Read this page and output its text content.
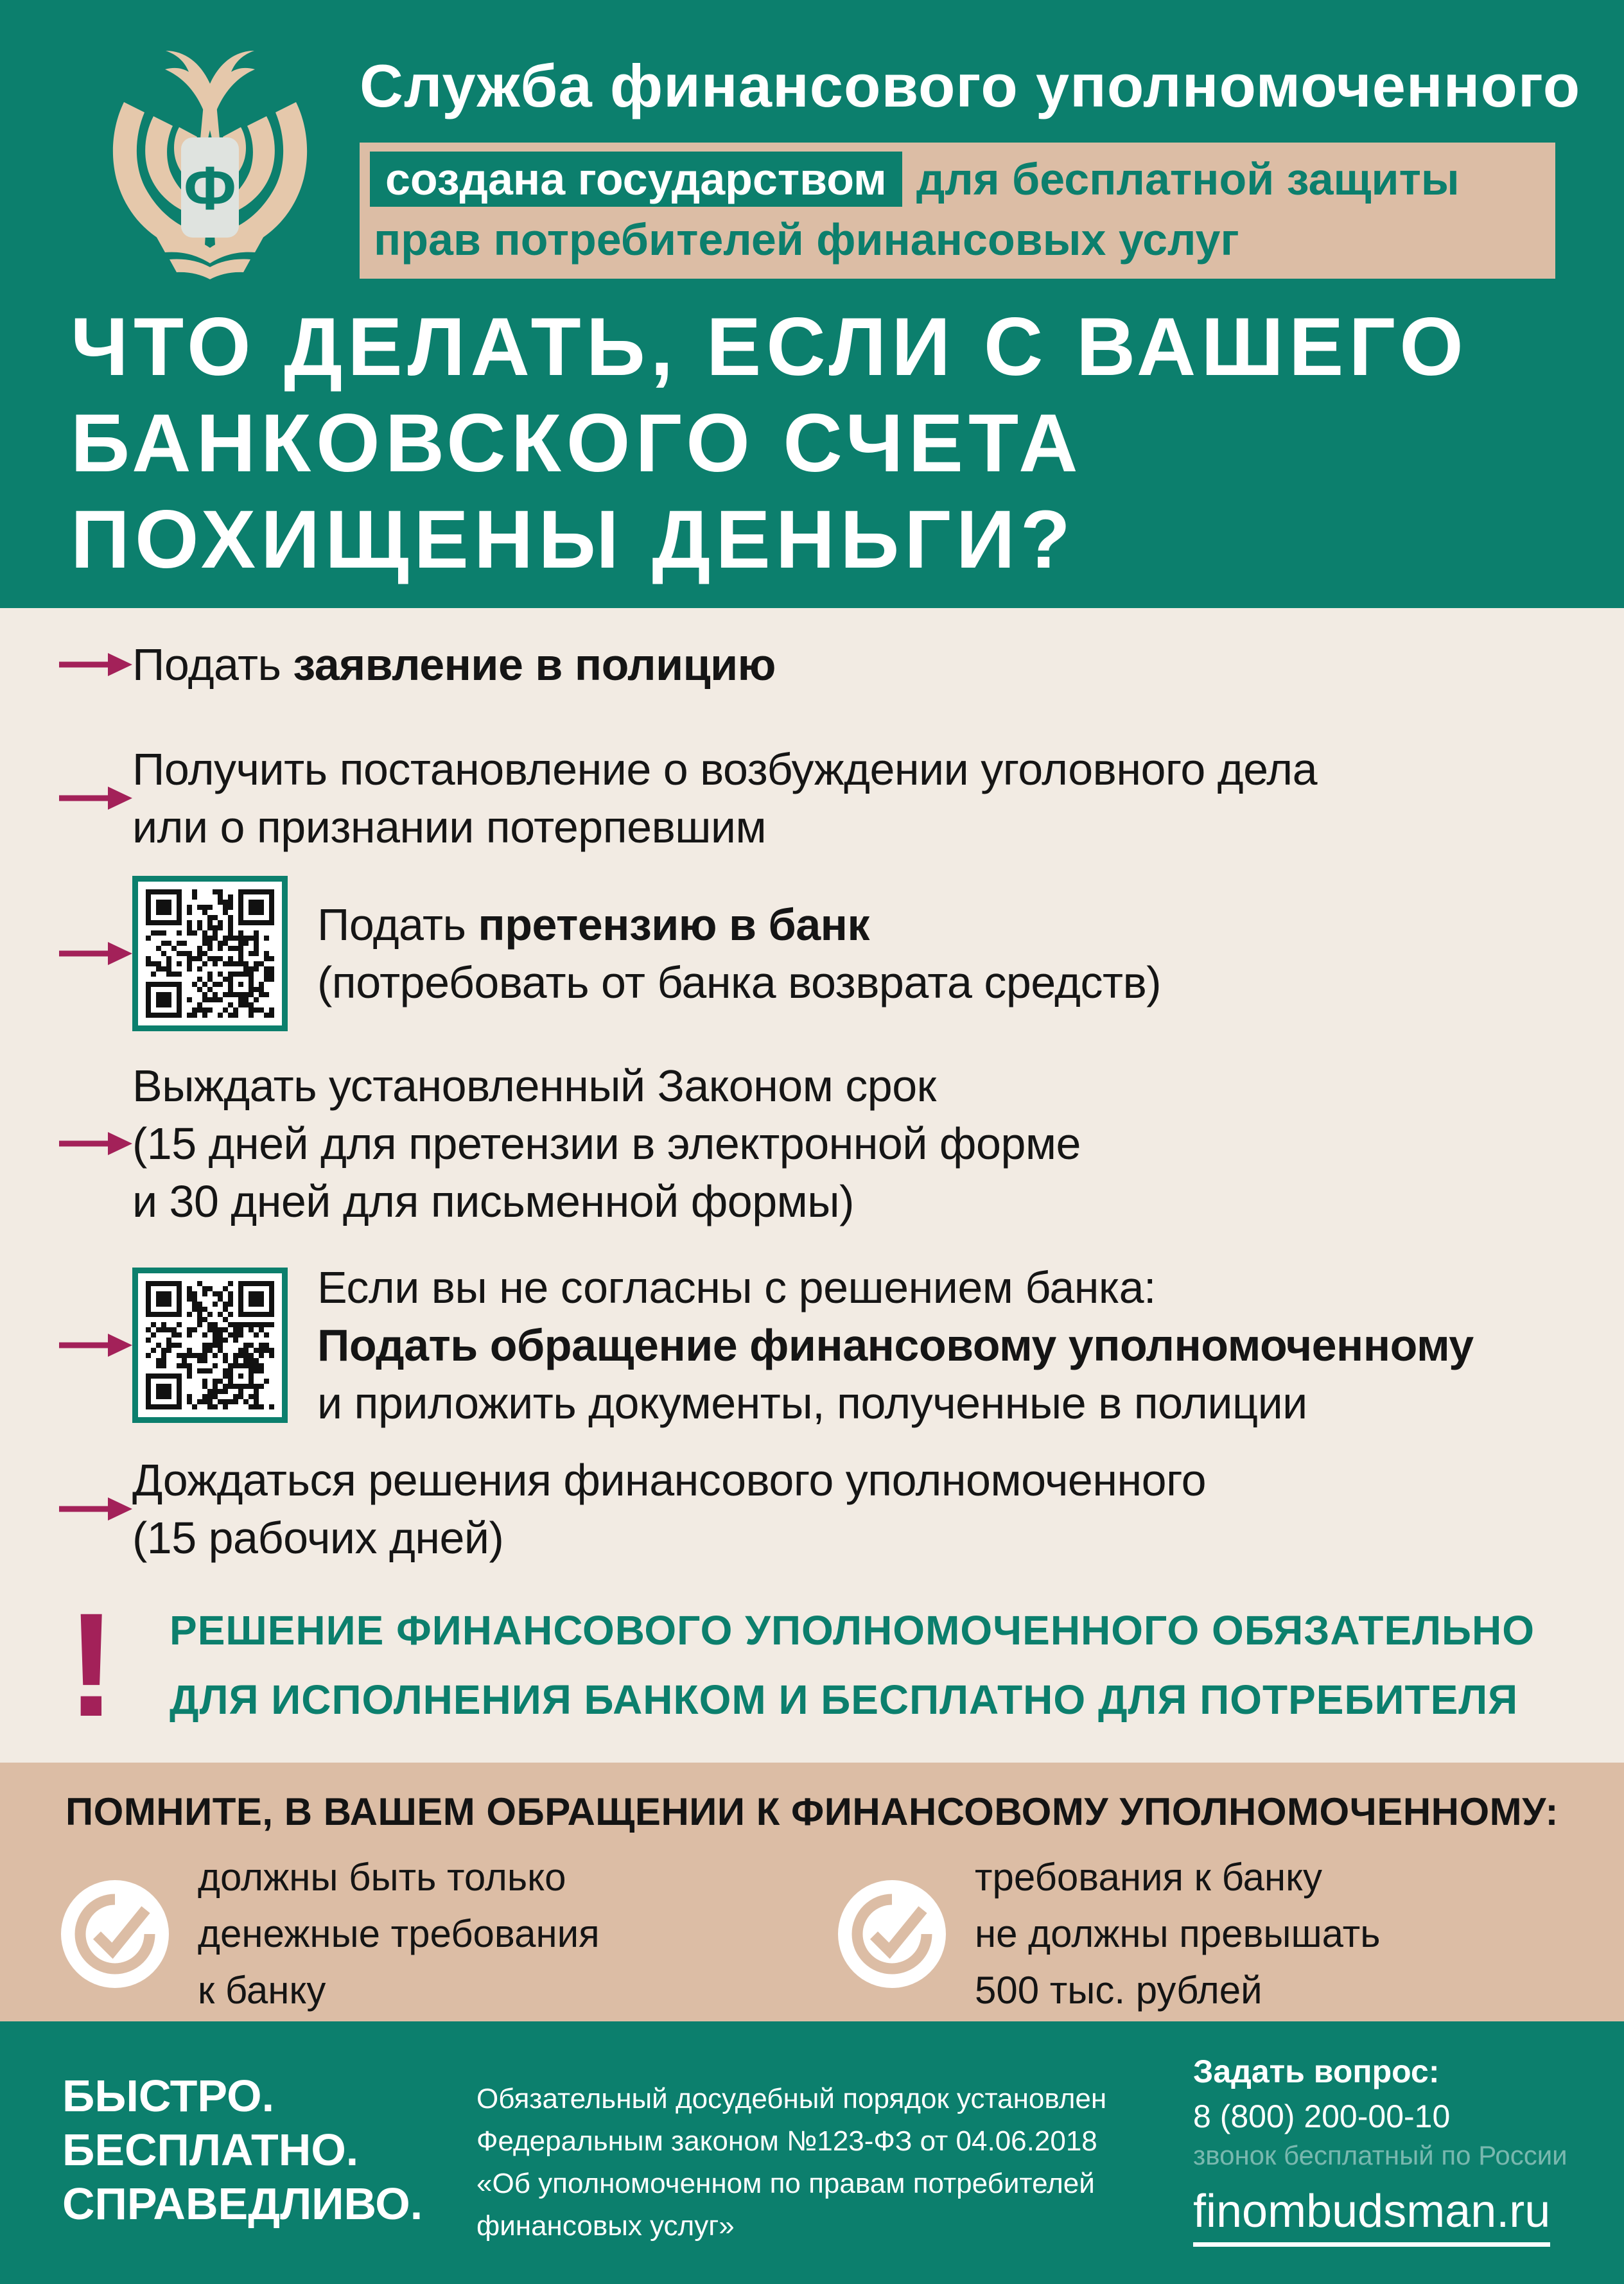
Ф
Служба финансового уполномоченного
создана государством для бесплатной защиты
прав потребителей финансовых услуг
ЧТО ДЕЛАТЬ, ЕСЛИ С ВАШЕГО
БАНКОВСКОГО СЧЕТА
ПОХИЩЕНЫ ДЕНЬГИ?
Подать заявление в полицию
Получить постановление о возбуждении уголовного дела
или о признании потерпевшим
Подать претензию в банк
(потребовать от банка возврата средств)
Выждать установленный Законом срок
(15 дней для претензии в электронной форме
и 30 дней для письменной формы)
Если вы не согласны с решением банка:
Подать обращение финансовому уполномоченному
и приложить документы, полученные в полиции
Дождаться решения финансового уполномоченного
(15 рабочих дней)
!	РЕШЕНИЕ ФИНАНСОВОГО УПОЛНОМОЧЕННОГО ОБЯЗАТЕЛЬНО
ДЛЯ ИСПОЛНЕНИЯ БАНКОМ И БЕСПЛАТНО ДЛЯ ПОТРЕБИТЕЛЯ
ПОМНИТЕ, В ВАШЕМ ОБРАЩЕНИИ К ФИНАНСОВОМУ УПОЛНОМОЧЕННОМУ:
должны быть только
денежные требования
к банку
требования к банку
не должны превышать
500 тыс. рублей
БЫСТРО.
БЕСПЛАТНО.
СПРАВЕДЛИВО.
Обязательный досудебный порядок установлен
Федеральным законом №123-ФЗ от 04.06.2018
«Об уполномоченном по правам потребителей
финансовых услуг»
Задать вопрос:
8 (800) 200-00-10
звонок бесплатный по России
finombudsman.ru
